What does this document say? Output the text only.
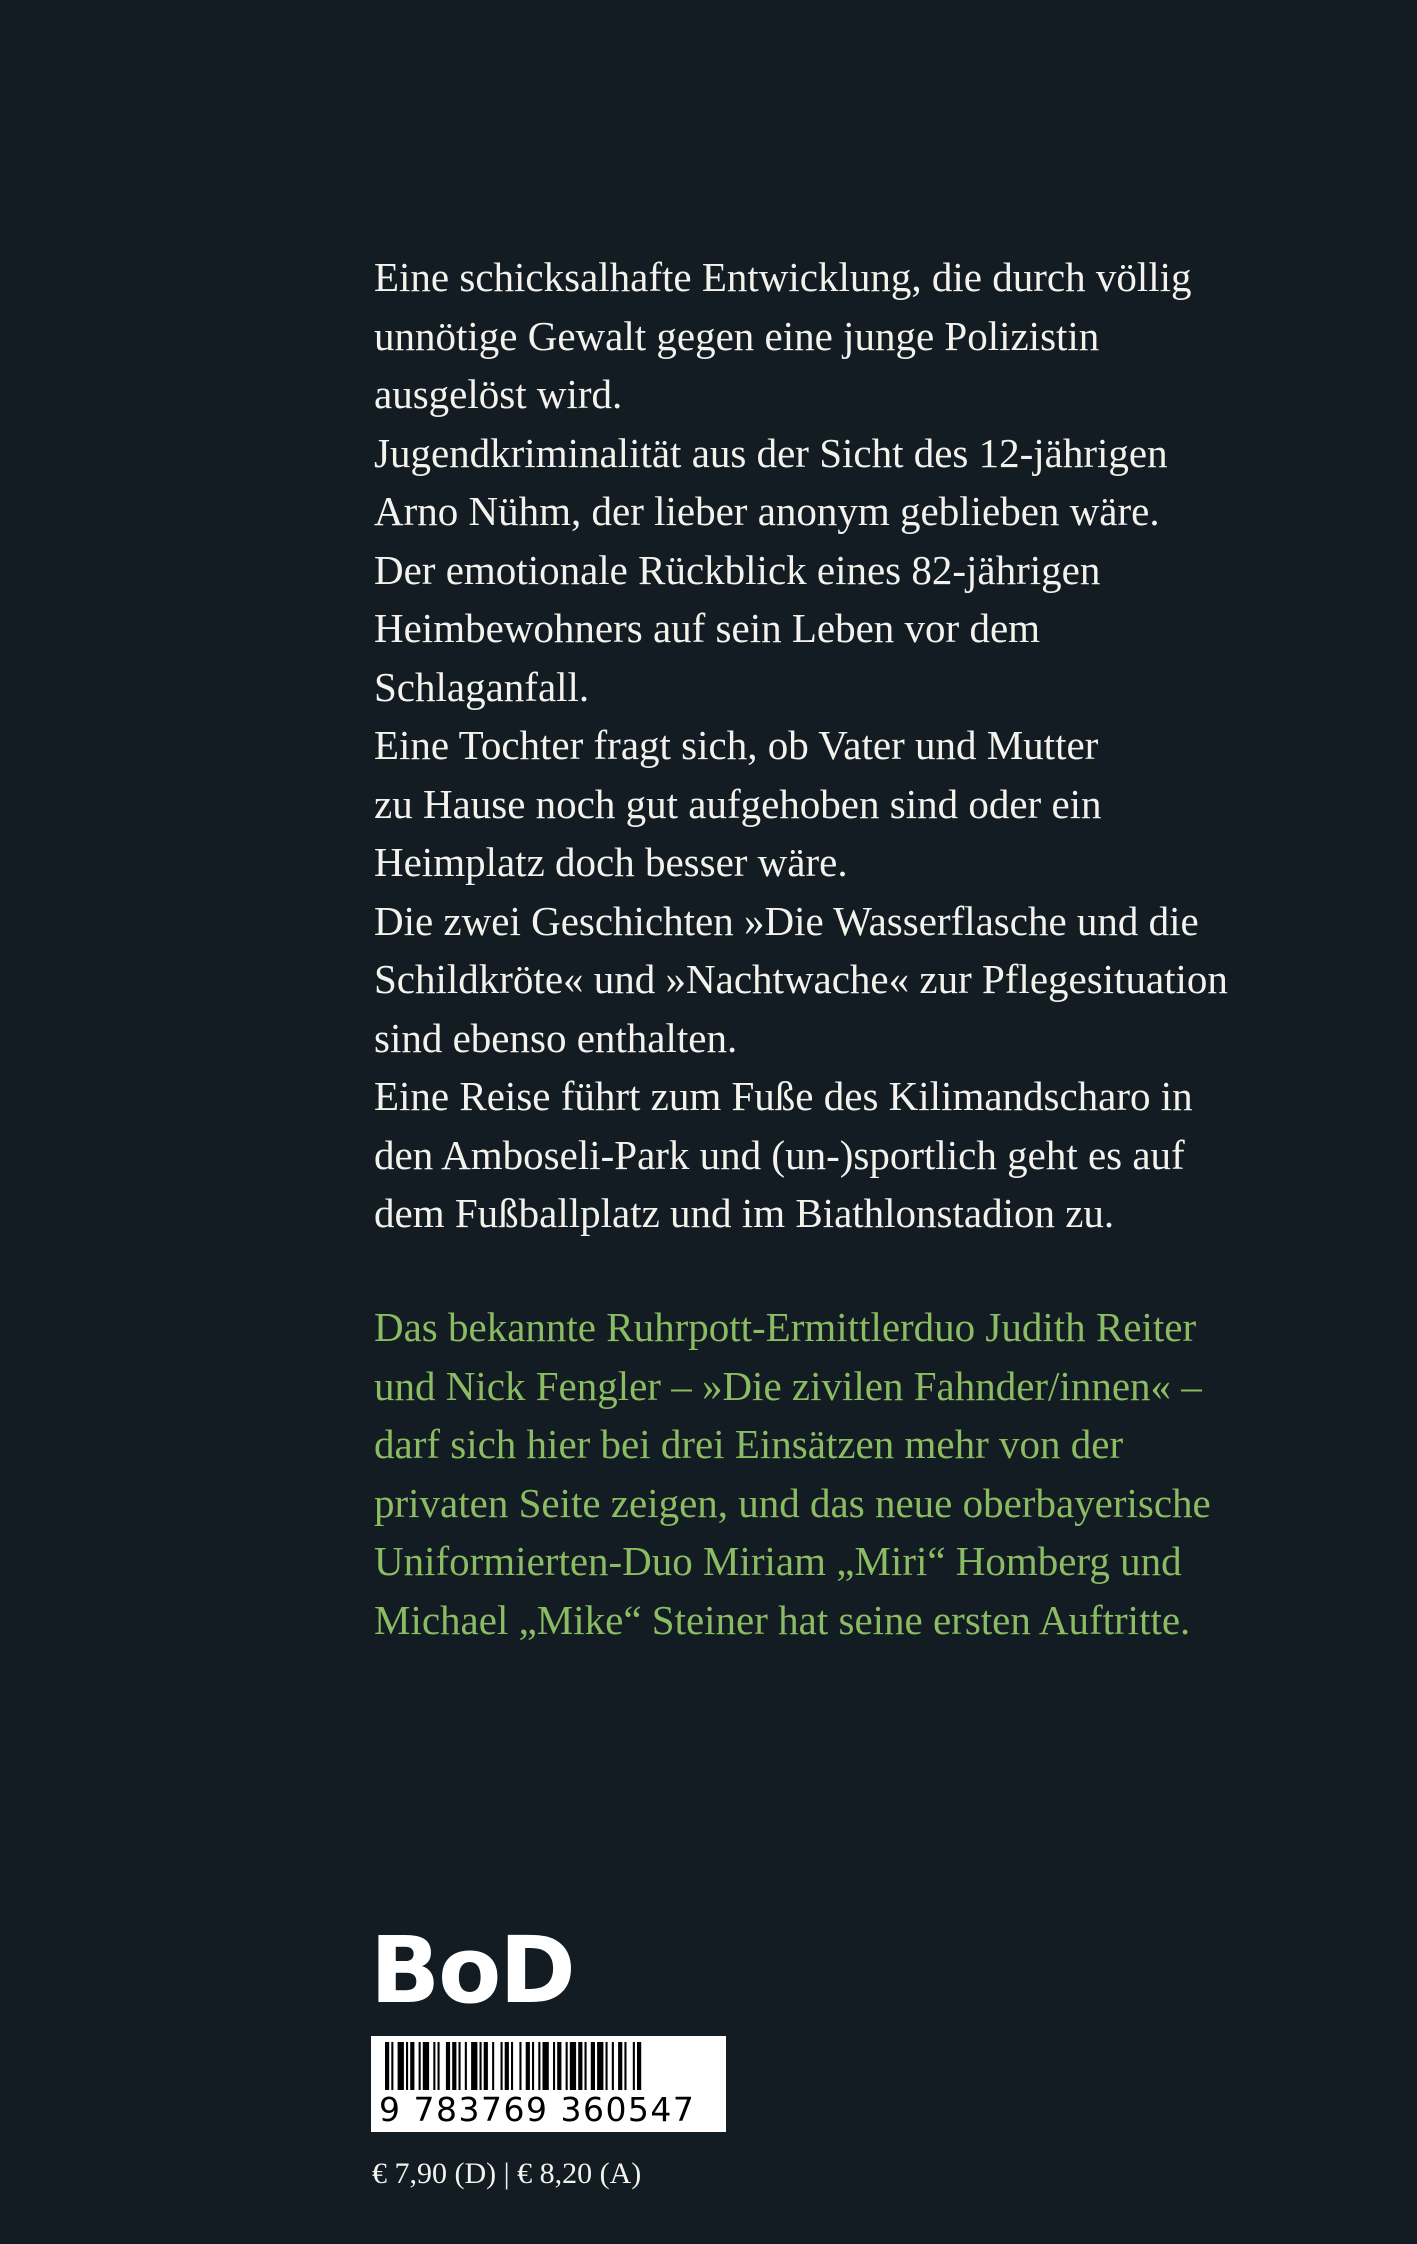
Eine schicksalhafte Entwicklung, die durch völlig

unnötige Gewalt gegen eine junge Polizistin

ausgelöst wird.

Jugendkriminalität aus der Sicht des 12-jährigen

Arno Nühm, der lieber anonym geblieben wäre.

Der emotionale Rückblick eines 82-jährigen

Heimbewohners auf sein Leben vor dem

Schlaganfall.

Eine Tochter fragt sich, ob Vater und Mutter

zu Hause noch gut aufgehoben sind oder ein

Heimplatz doch besser wäre.

Die zwei Geschichten »Die Wasserflasche und die

Schildkröte« und »Nachtwache« zur Pflegesituation

sind ebenso enthalten.

Eine Reise führt zum Fuße des Kilimandscharo in

den Amboseli-Park und (un-)sportlich geht es auf

dem Fußballplatz und im Biathlonstadion zu.

Das bekannte Ruhrpott-Ermittlerduo Judith Reiter

und Nick Fengler – »Die zivilen Fahnder/innen« –

darf sich hier bei drei Einsätzen mehr von der

privaten Seite zeigen, und das neue oberbayerische

Uniformierten-Duo Miriam „Miri“ Homberg und

Michael „Mike“ Steiner hat seine ersten Auftritte.

BoD
9 783769 360547
€ 7,90 (D) | € 8,20 (A)
